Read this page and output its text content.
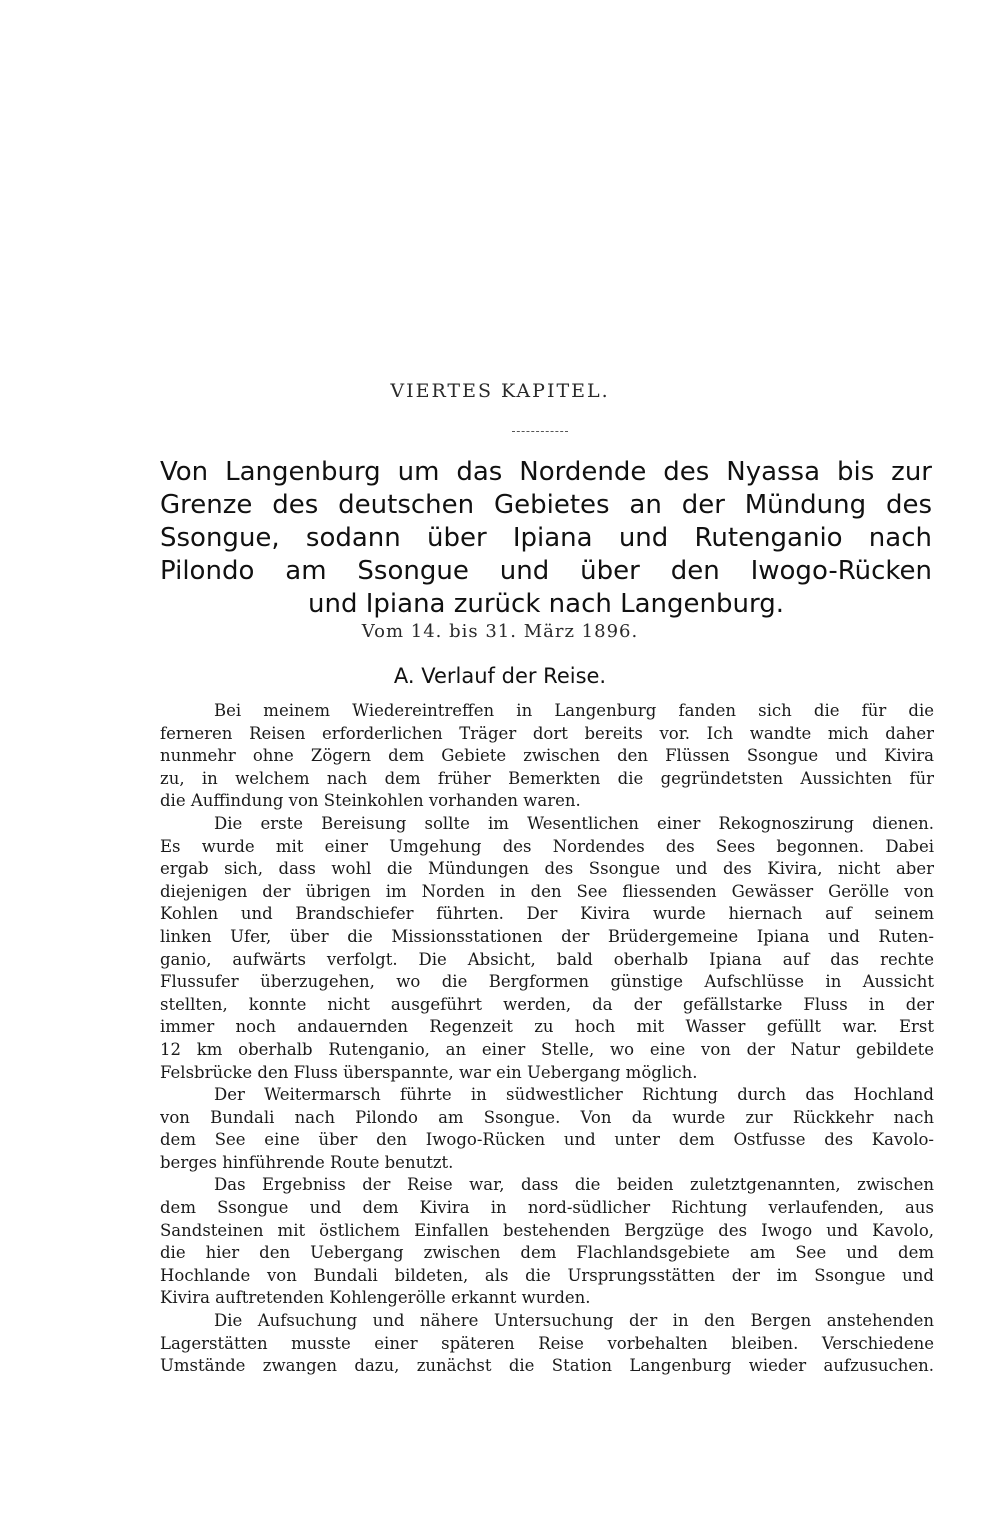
VIERTES KAPITEL.
Von Langenburg um das Nordende des Nyassa bis zur
Grenze des deutschen Gebietes an der Mündung des
Ssongue, sodann über Ipiana und Rutenganio nach
Pilondo am Ssongue und über den Iwogo-Rücken
und Ipiana zurück nach Langenburg.
Vom 14. bis 31. März 1896.
A. Verlauf der Reise.
Bei meinem Wiedereintreffen in Langenburg fanden sich die für die
ferneren Reisen erforderlichen Träger dort bereits vor. Ich wandte mich daher
nunmehr ohne Zögern dem Gebiete zwischen den Flüssen Ssongue und Kivira
zu, in welchem nach dem früher Bemerkten die gegründetsten Aussichten für
die Auffindung von Steinkohlen vorhanden waren.
Die erste Bereisung sollte im Wesentlichen einer Rekognoszirung dienen.
Es wurde mit einer Umgehung des Nordendes des Sees begonnen. Dabei
ergab sich, dass wohl die Mündungen des Ssongue und des Kivira, nicht aber
diejenigen der übrigen im Norden in den See fliessenden Gewässer Gerölle von
Kohlen und Brandschiefer führten. Der Kivira wurde hiernach auf seinem
linken Ufer, über die Missionsstationen der Brüdergemeine Ipiana und Ruten-
ganio, aufwärts verfolgt. Die Absicht, bald oberhalb Ipiana auf das rechte
Flussufer überzugehen, wo die Bergformen günstige Aufschlüsse in Aussicht
stellten, konnte nicht ausgeführt werden, da der gefällstarke Fluss in der
immer noch andauernden Regenzeit zu hoch mit Wasser gefüllt war. Erst
12 km oberhalb Rutenganio, an einer Stelle, wo eine von der Natur gebildete
Felsbrücke den Fluss überspannte, war ein Uebergang möglich.
Der Weitermarsch führte in südwestlicher Richtung durch das Hochland
von Bundali nach Pilondo am Ssongue. Von da wurde zur Rückkehr nach
dem See eine über den Iwogo-Rücken und unter dem Ostfusse des Kavolo-
berges hinführende Route benutzt.
Das Ergebniss der Reise war, dass die beiden zuletztgenannten, zwischen
dem Ssongue und dem Kivira in nord-südlicher Richtung verlaufenden, aus
Sandsteinen mit östlichem Einfallen bestehenden Bergzüge des Iwogo und Kavolo,
die hier den Uebergang zwischen dem Flachlandsgebiete am See und dem
Hochlande von Bundali bildeten, als die Ursprungsstätten der im Ssongue und
Kivira auftretenden Kohlengerölle erkannt wurden.
Die Aufsuchung und nähere Untersuchung der in den Bergen anstehenden
Lagerstätten musste einer späteren Reise vorbehalten bleiben. Verschiedene
Umstände zwangen dazu, zunächst die Station Langenburg wieder aufzusuchen.
